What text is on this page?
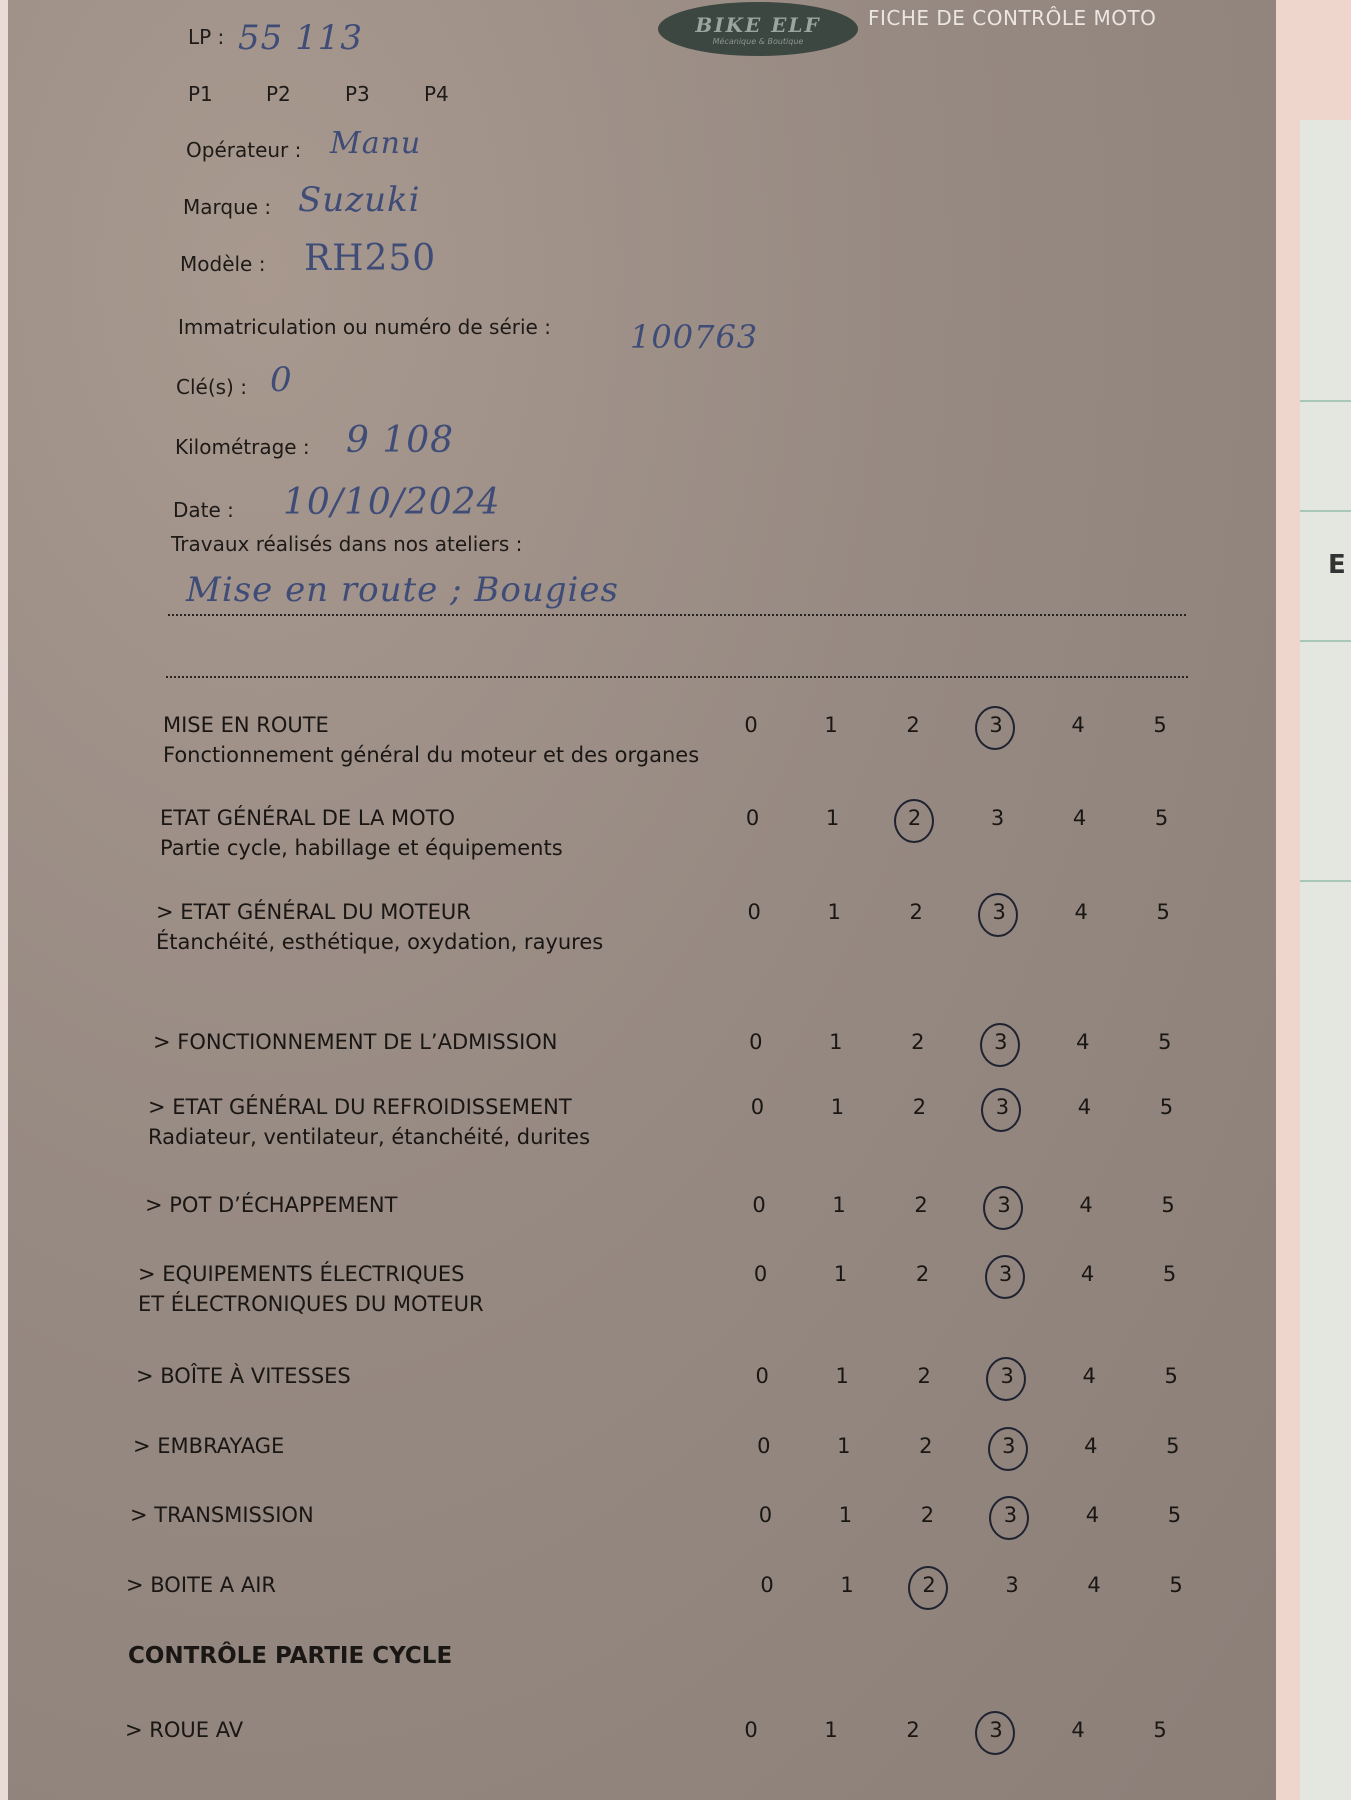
E
BIKE ELF
Mécanique & Boutique
FICHE DE CONTRÔLE MOTO
LP : 55 113
P1	P2	P3	P4
Opérateur : Manu
Marque : Suzuki
Modèle : RH250
Immatriculation ou numéro de série : 100763
Clé(s) : 0
Kilométrage : 9 108
Date : 10/10/2024
Travaux réalisés dans nos ateliers :
Mise en route ; Bougies
MISE EN ROUTE
Fonctionnement général du moteur et des organes
0	1	2	3	4	5
ETAT GÉNÉRAL DE LA MOTO
Partie cycle, habillage et équipements
0	1	2	3	4	5
> ETAT GÉNÉRAL DU MOTEUR
Étanchéité, esthétique, oxydation, rayures
0	1	2	3	4	5
> FONCTIONNEMENT DE L’ADMISSION	0	1	2	3	4	5
> ETAT GÉNÉRAL DU REFROIDISSEMENT
Radiateur, ventilateur, étanchéité, durites
0	1	2	3	4	5
> POT D’ÉCHAPPEMENT	0	1	2	3	4	5
> EQUIPEMENTS ÉLECTRIQUES
ET ÉLECTRONIQUES DU MOTEUR
0	1	2	3	4	5
> BOÎTE À VITESSES	0	1	2	3	4	5
> EMBRAYAGE	0	1	2	3	4	5
> TRANSMISSION	0	1	2	3	4	5
> BOITE A AIR	0	1	2	3	4	5
CONTRÔLE PARTIE CYCLE
> ROUE AV	0	1	2	3	4	5
